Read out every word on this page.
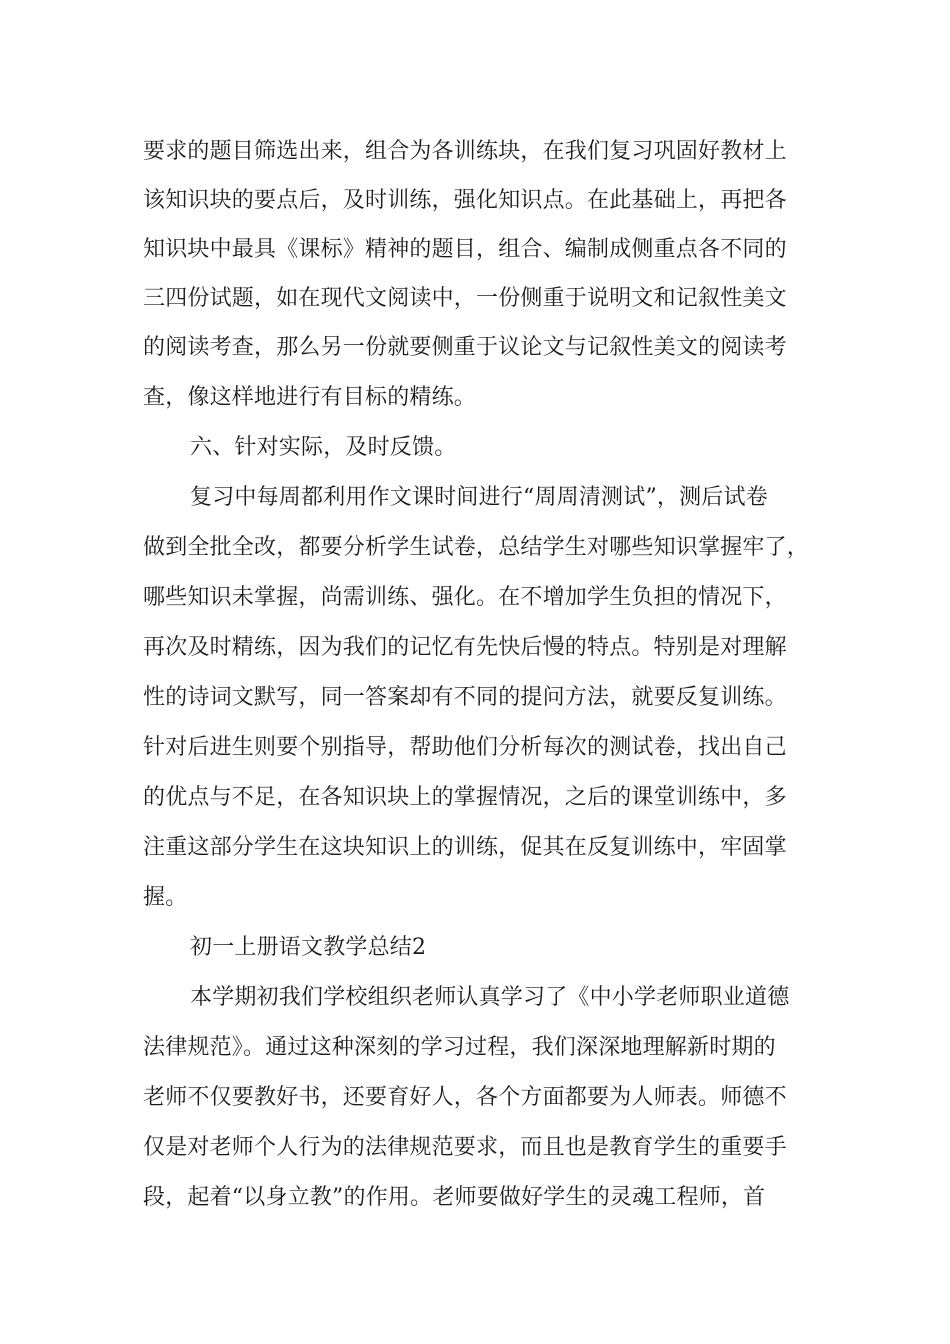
要求的题目筛选出来，组合为各训练块，在我们复习巩固好教材上
该知识块的要点后，及时训练，强化知识点。在此基础上，再把各
知识块中最具《课标》精神的题目，组合、编制成侧重点各不同的
三四份试题，如在现代文阅读中，一份侧重于说明文和记叙性美文
的阅读考查，那么另一份就要侧重于议论文与记叙性美文的阅读考
查，像这样地进行有目标的精练。
六、针对实际，及时反馈。
复习中每周都利用作文课时间进行“周周清测试”，测后试卷
做到全批全改，都要分析学生试卷，总结学生对哪些知识掌握牢了，
哪些知识未掌握，尚需训练、强化。在不增加学生负担的情况下，
再次及时精练，因为我们的记忆有先快后慢的特点。特别是对理解
性的诗词文默写，同一答案却有不同的提问方法，就要反复训练。
针对后进生则要个别指导，帮助他们分析每次的测试卷，找出自己
的优点与不足，在各知识块上的掌握情况，之后的课堂训练中，多
注重这部分学生在这块知识上的训练，促其在反复训练中，牢固掌
握。
初一上册语文教学总结2
本学期初我们学校组织老师认真学习了《中小学老师职业道德
法律规范》。通过这种深刻的学习过程，我们深深地理解新时期的
老师不仅要教好书，还要育好人，各个方面都要为人师表。师德不
仅是对老师个人行为的法律规范要求，而且也是教育学生的重要手
段，起着“以身立教”的作用。老师要做好学生的灵魂工程师，首
